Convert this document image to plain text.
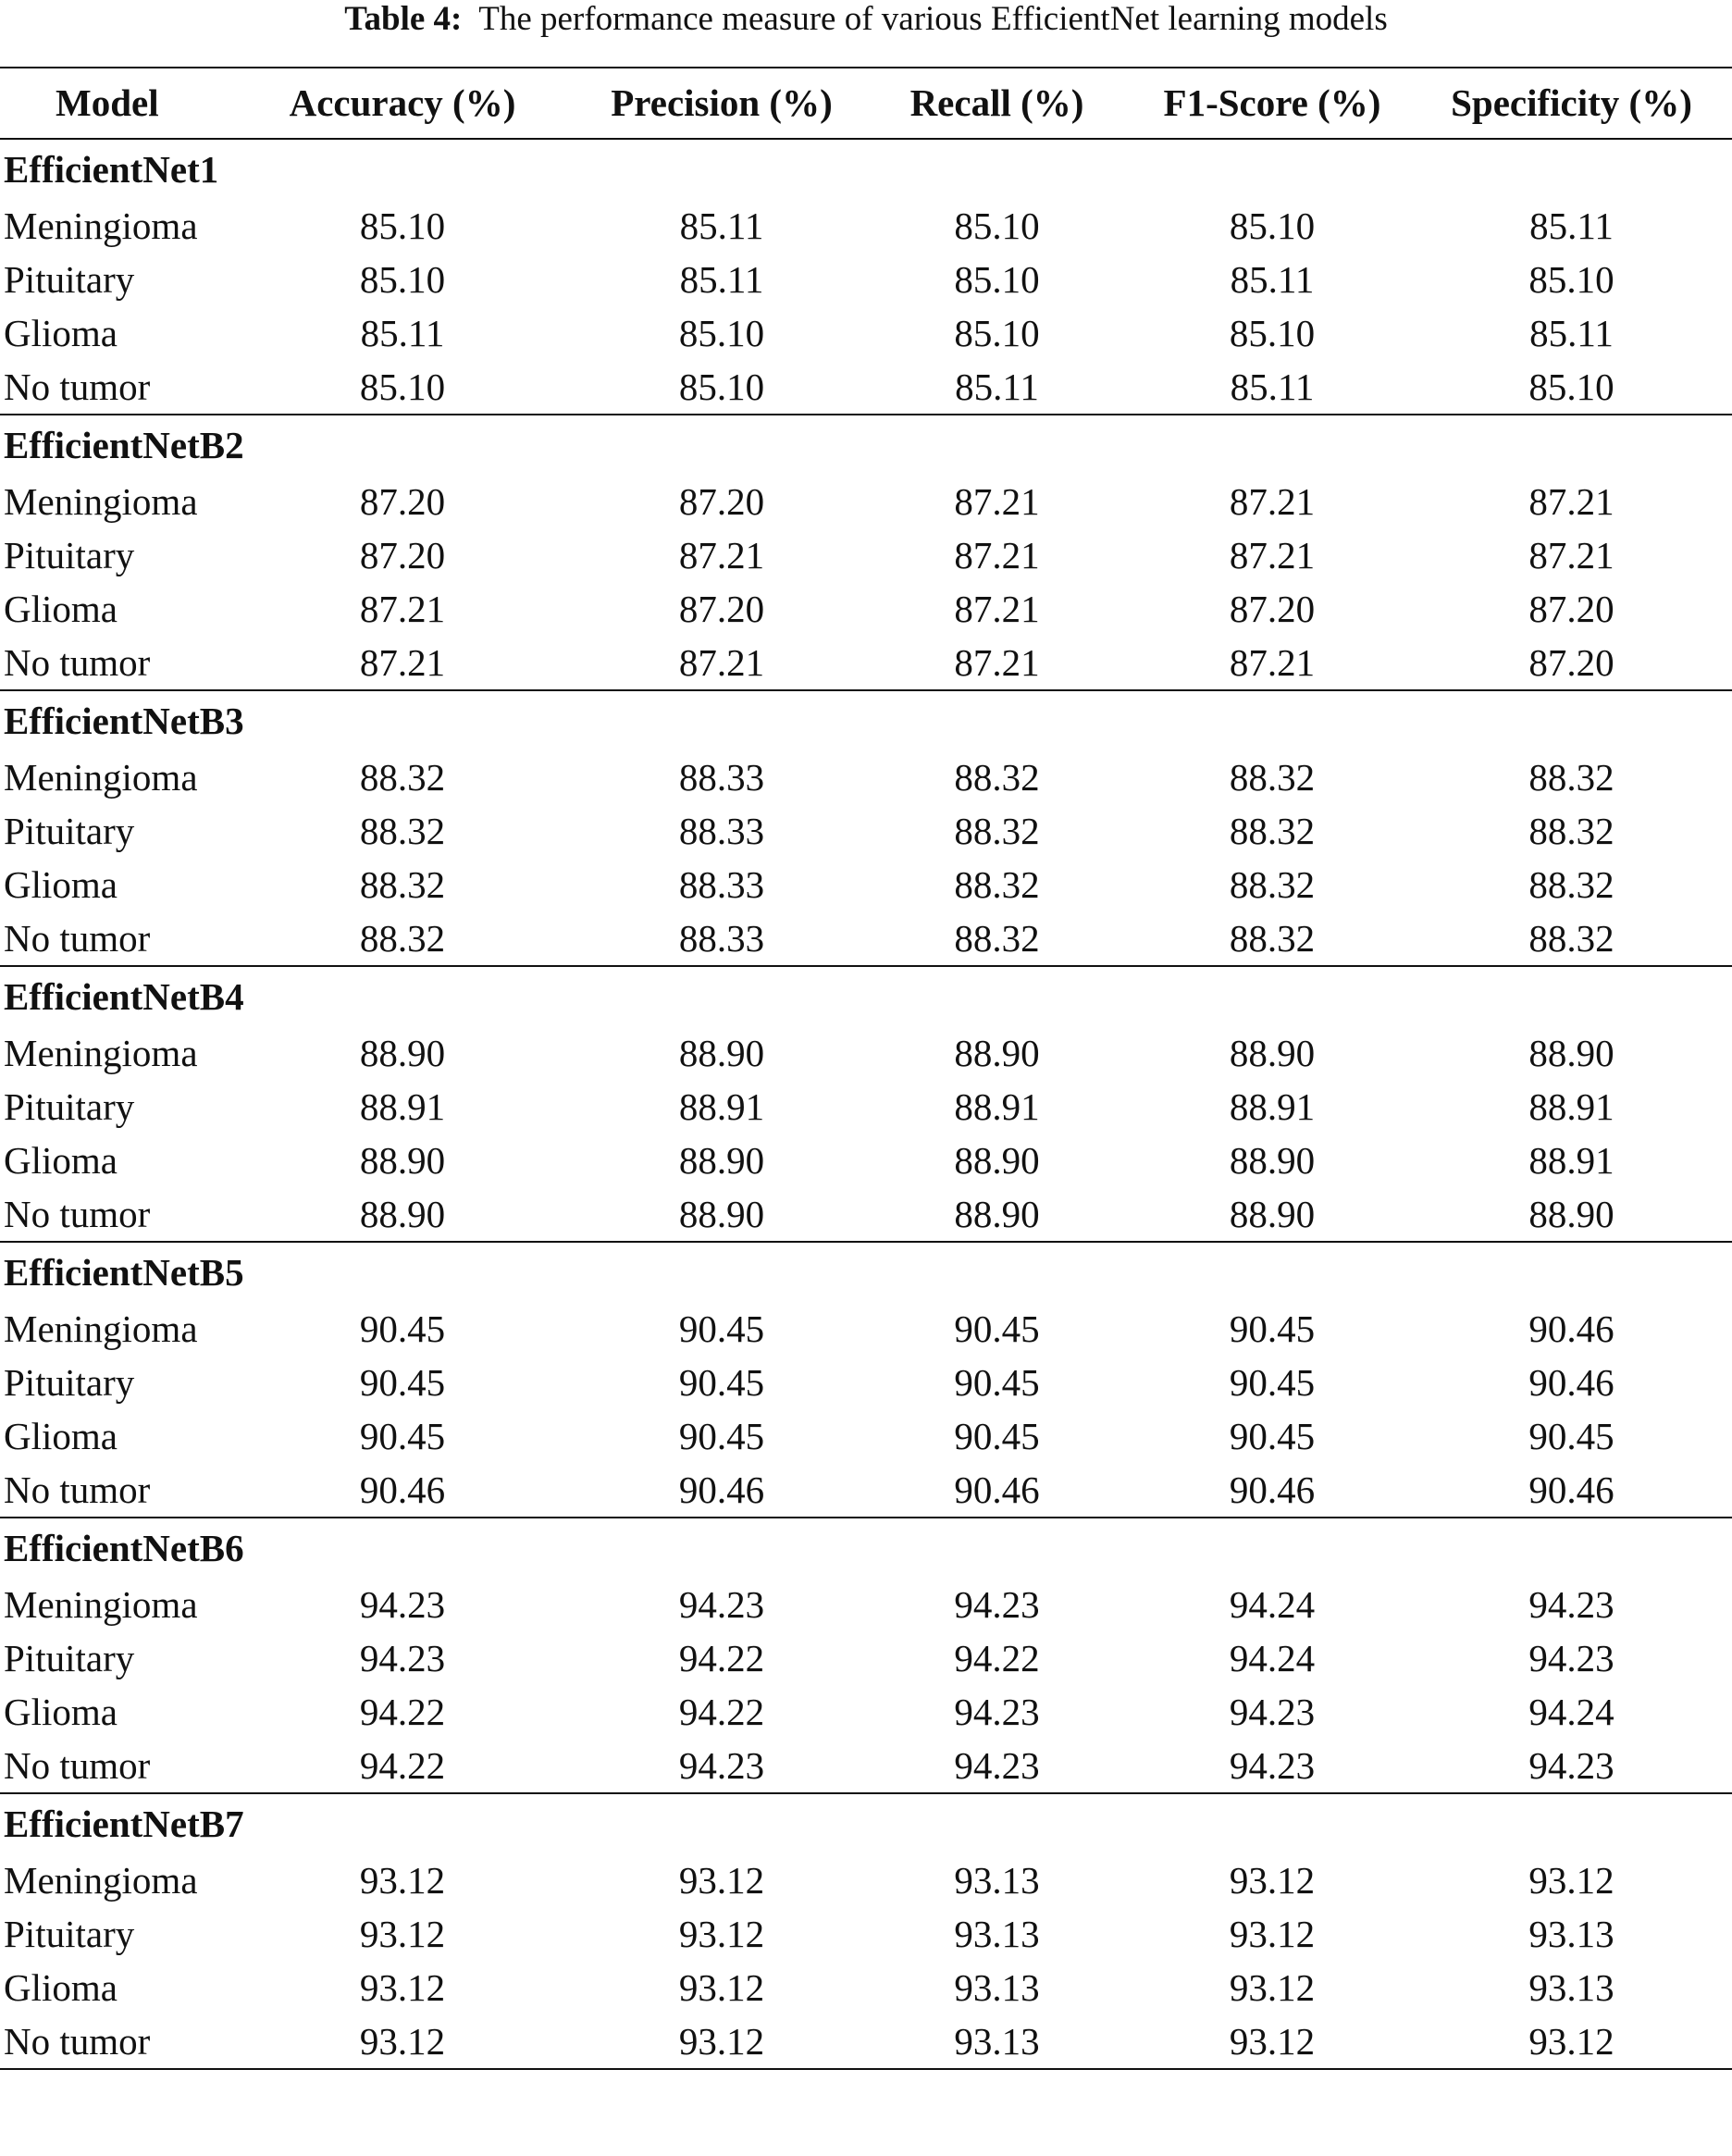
Table 4: The performance measure of various EfficientNet learning models
Model	Accuracy (%)	Precision (%)	Recall (%)	F1-Score (%)	Specificity (%)
EfficientNet1					
Meningioma	85.10	85.11	85.10	85.10	85.11
Pituitary	85.10	85.11	85.10	85.11	85.10
Glioma	85.11	85.10	85.10	85.10	85.11
No tumor	85.10	85.10	85.11	85.11	85.10
EfficientNetB2					
Meningioma	87.20	87.20	87.21	87.21	87.21
Pituitary	87.20	87.21	87.21	87.21	87.21
Glioma	87.21	87.20	87.21	87.20	87.20
No tumor	87.21	87.21	87.21	87.21	87.20
EfficientNetB3					
Meningioma	88.32	88.33	88.32	88.32	88.32
Pituitary	88.32	88.33	88.32	88.32	88.32
Glioma	88.32	88.33	88.32	88.32	88.32
No tumor	88.32	88.33	88.32	88.32	88.32
EfficientNetB4					
Meningioma	88.90	88.90	88.90	88.90	88.90
Pituitary	88.91	88.91	88.91	88.91	88.91
Glioma	88.90	88.90	88.90	88.90	88.91
No tumor	88.90	88.90	88.90	88.90	88.90
EfficientNetB5					
Meningioma	90.45	90.45	90.45	90.45	90.46
Pituitary	90.45	90.45	90.45	90.45	90.46
Glioma	90.45	90.45	90.45	90.45	90.45
No tumor	90.46	90.46	90.46	90.46	90.46
EfficientNetB6					
Meningioma	94.23	94.23	94.23	94.24	94.23
Pituitary	94.23	94.22	94.22	94.24	94.23
Glioma	94.22	94.22	94.23	94.23	94.24
No tumor	94.22	94.23	94.23	94.23	94.23
EfficientNetB7					
Meningioma	93.12	93.12	93.13	93.12	93.12
Pituitary	93.12	93.12	93.13	93.12	93.13
Glioma	93.12	93.12	93.13	93.12	93.13
No tumor	93.12	93.12	93.13	93.12	93.12
